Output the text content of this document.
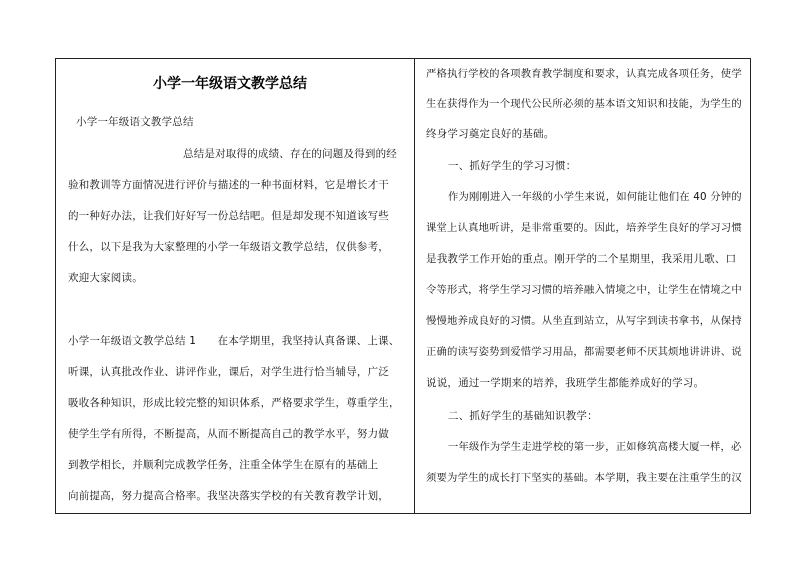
小学一年级语文教学总结
小学一年级语文教学总结
总结是对取得的成绩、存在的问题及得到的经
验和教训等方面情况进行评价与描述的一种书面材料，它是增长才干
的一种好办法，让我们好好写一份总结吧。但是却发现不知道该写些
什么，以下是我为大家整理的小学一年级语文教学总结，仅供参考，
欢迎大家阅读。
小学一年级语文教学总结 1　　在本学期里，我坚持认真备课、上课、
听课，认真批改作业、讲评作业，课后，对学生进行恰当辅导，广泛
吸收各种知识，形成比较完整的知识体系，严格要求学生，尊重学生，
使学生学有所得，不断提高，从而不断提高自己的教学水平，努力做
到教学相长，并顺利完成教学任务，注重全体学生在原有的基础上
向前提高，努力提高合格率。我坚决落实学校的有关教育教学计划，
严格执行学校的各项教育教学制度和要求，认真完成各项任务，使学
生在获得作为一个现代公民所必须的基本语文知识和技能，为学生的
终身学习奠定良好的基础。
一、抓好学生的学习习惯：
作为刚刚进入一年级的小学生来说，如何能让他们在 40 分钟的
课堂上认真地听讲，是非常重要的。因此，培养学生良好的学习习惯
是我教学工作开始的重点。刚开学的二个星期里，我采用儿歌、口
令等形式，将学生学习习惯的培养融入情境之中，让学生在情境之中
慢慢地养成良好的习惯。从坐直到站立，从写字到读书拿书，从保持
正确的读写姿势到爱惜学习用品，都需要老师不厌其烦地讲讲讲、说
说说，通过一学期来的培养，我班学生都能养成好的学习。
二、抓好学生的基础知识教学：
一年级作为学生走进学校的第一步，正如修筑高楼大厦一样，必
须要为学生的成长打下坚实的基础。本学期，我主要在注重学生的汉
